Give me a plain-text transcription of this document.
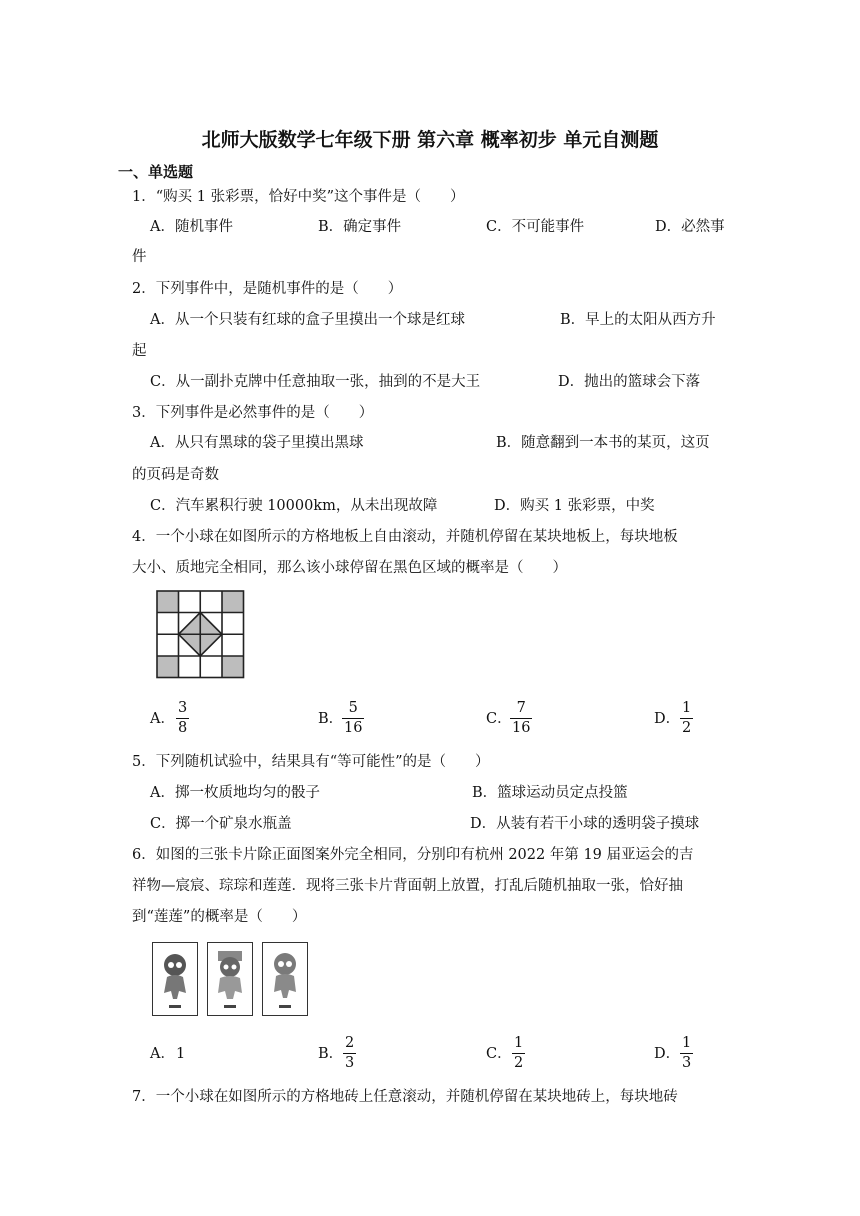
北师大版数学七年级下册 第六章 概率初步 单元自测题
一、单选题
1．“购买 1 张彩票，恰好中奖”这个事件是（　　）
A．随机事件	B．确定事件	C．不可能事件	D．必然事
件
2．下列事件中，是随机事件的是（　　）
A．从一个只装有红球的盒子里摸出一个球是红球	B．早上的太阳从西方升
起
C．从一副扑克牌中任意抽取一张，抽到的不是大王	D．抛出的篮球会下落
3．下列事件是必然事件的是（　　）
A．从只有黑球的袋子里摸出黑球	B．随意翻到一本书的某页，这页
的页码是奇数
C．汽车累积行驶 10000km，从未出现故障	D．购买 1 张彩票，中奖
4．一个小球在如图所示的方格地板上自由滚动，并随机停留在某块地板上，每块地板
大小、质地完全相同，那么该小球停留在黑色区域的概率是（　　）
A．
3
8
B．
5
16
C．
7
16
D．
1
2
5．下列随机试验中，结果具有“等可能性”的是（　　）
A．掷一枚质地均匀的骰子	B．篮球运动员定点投篮
C．掷一个矿泉水瓶盖	D．从装有若干小球的透明袋子摸球
6．如图的三张卡片除正面图案外完全相同，分别印有杭州 2022 年第 19 届亚运会的吉
祥物—宸宸、琮琮和莲莲．现将三张卡片背面朝上放置，打乱后随机抽取一张，恰好抽
到“莲莲”的概率是（　　）
A． 1	B．
2
3
C．
1
2
D．
1
3
7．一个小球在如图所示的方格地砖上任意滚动，并随机停留在某块地砖上，每块地砖
